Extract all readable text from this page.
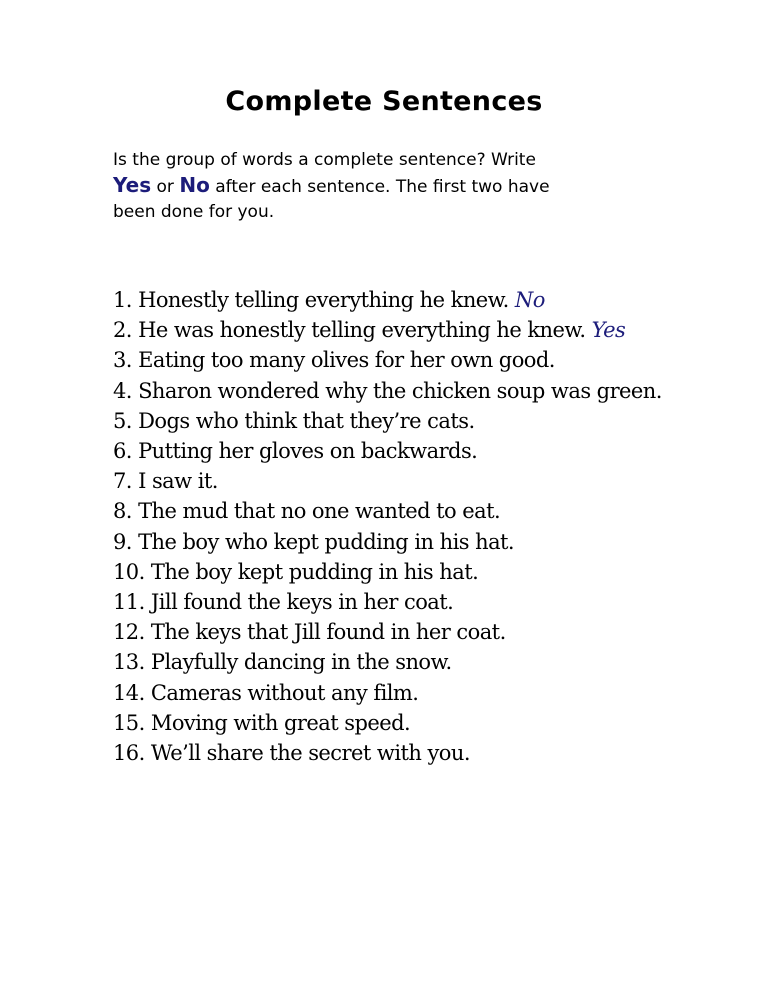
Complete Sentences
Is the group of words a complete sentence? Write
Yes or No after each sentence. The first two have
been done for you.
1. Honestly telling everything he knew. No
2. He was honestly telling everything he knew. Yes
3. Eating too many olives for her own good.
4. Sharon wondered why the chicken soup was green.
5. Dogs who think that they’re cats.
6. Putting her gloves on backwards.
7. I saw it.
8. The mud that no one wanted to eat.
9. The boy who kept pudding in his hat.
10. The boy kept pudding in his hat.
11. Jill found the keys in her coat.
12. The keys that Jill found in her coat.
13. Playfully dancing in the snow.
14. Cameras without any film.
15. Moving with great speed.
16. We’ll share the secret with you.
